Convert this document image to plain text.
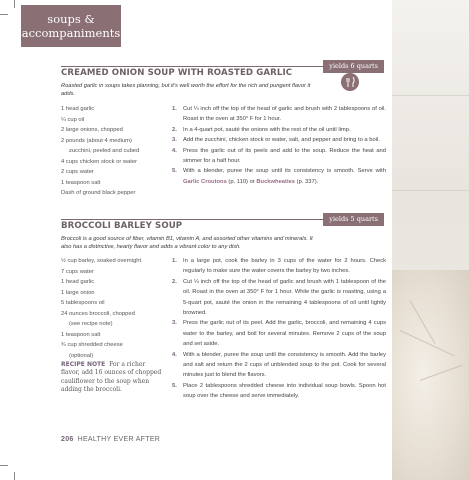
soups &
accompaniments
yields 6 quarts
CREAMED ONION SOUP WITH ROASTED GARLIC
Roasted garlic in soups takes planning, but it’s well worth the effort for the rich and pungent flavor it adds.
1 head garlic
¼ cup oil
2 large onions, chopped
2 pounds (about 4 medium)
zucchini, peeled and cubed
4 cups chicken stock or water
2 cups water
1 teaspoon salt
Dash of ground black pepper
1. Cut ¼ inch off the top of the head of garlic and brush with 2 tablespoons of oil. Roast in the oven at 350° F for 1 hour.
2. In a 4-quart pot, sauté the onions with the rest of the oil until limp.
3. Add the zucchini, chicken stock or water, salt, and pepper and bring to a boil.
4. Press the garlic out of its peels and add to the soup. Reduce the heat and simmer for a half hour.
5. With a blender, puree the soup until its consistency is smooth. Serve with Garlic Croutons (p. 110) or Buckwheaties (p. 337).
yields 5 quarts
BROCCOLI BARLEY SOUP
Broccoli is a good source of fiber, vitamin B1, vitamin A, and assorted other vitamins and minerals. It also has a distinctive, hearty flavor and adds a vibrant color to any dish.
½ cup barley, soaked overnight
7 cups water
1 head garlic
1 large onion
5 tablespoons oil
24 ounces broccoli, chopped
(see recipe note)
1 teaspoon salt
¾ cup shredded cheese
(optional)
RECIPE NOTE For a richer flavor, add 16 ounces of chopped cauliflower to the soup when adding the broccoli.
1. In a large pot, cook the barley in 3 cups of the water for 2 hours. Check regularly to make sure the water covers the barley by two inches.
2. Cut ¼ inch off the top of the head of garlic and brush with 1 tablespoon of the oil. Roast in the oven at 350° F for 1 hour. While the garlic is roasting, using a 5-quart pot, sauté the onion in the remaining 4 tablespoons of oil until lightly browned.
3. Press the garlic out of its peel. Add the garlic, broccoli, and remaining 4 cups water to the barley, and boil for several minutes. Remove 2 cups of the soup and set aside.
4. With a blender, puree the soup until the consistency is smooth. Add the barley and salt and return the 2 cups of unblended soup to the pot. Cook for several minutes just to blend the flavors.
5. Place 2 tablespoons shredded cheese into individual soup bowls. Spoon hot soup over the cheese and serve immediately.
206 HEALTHY EVER AFTER
